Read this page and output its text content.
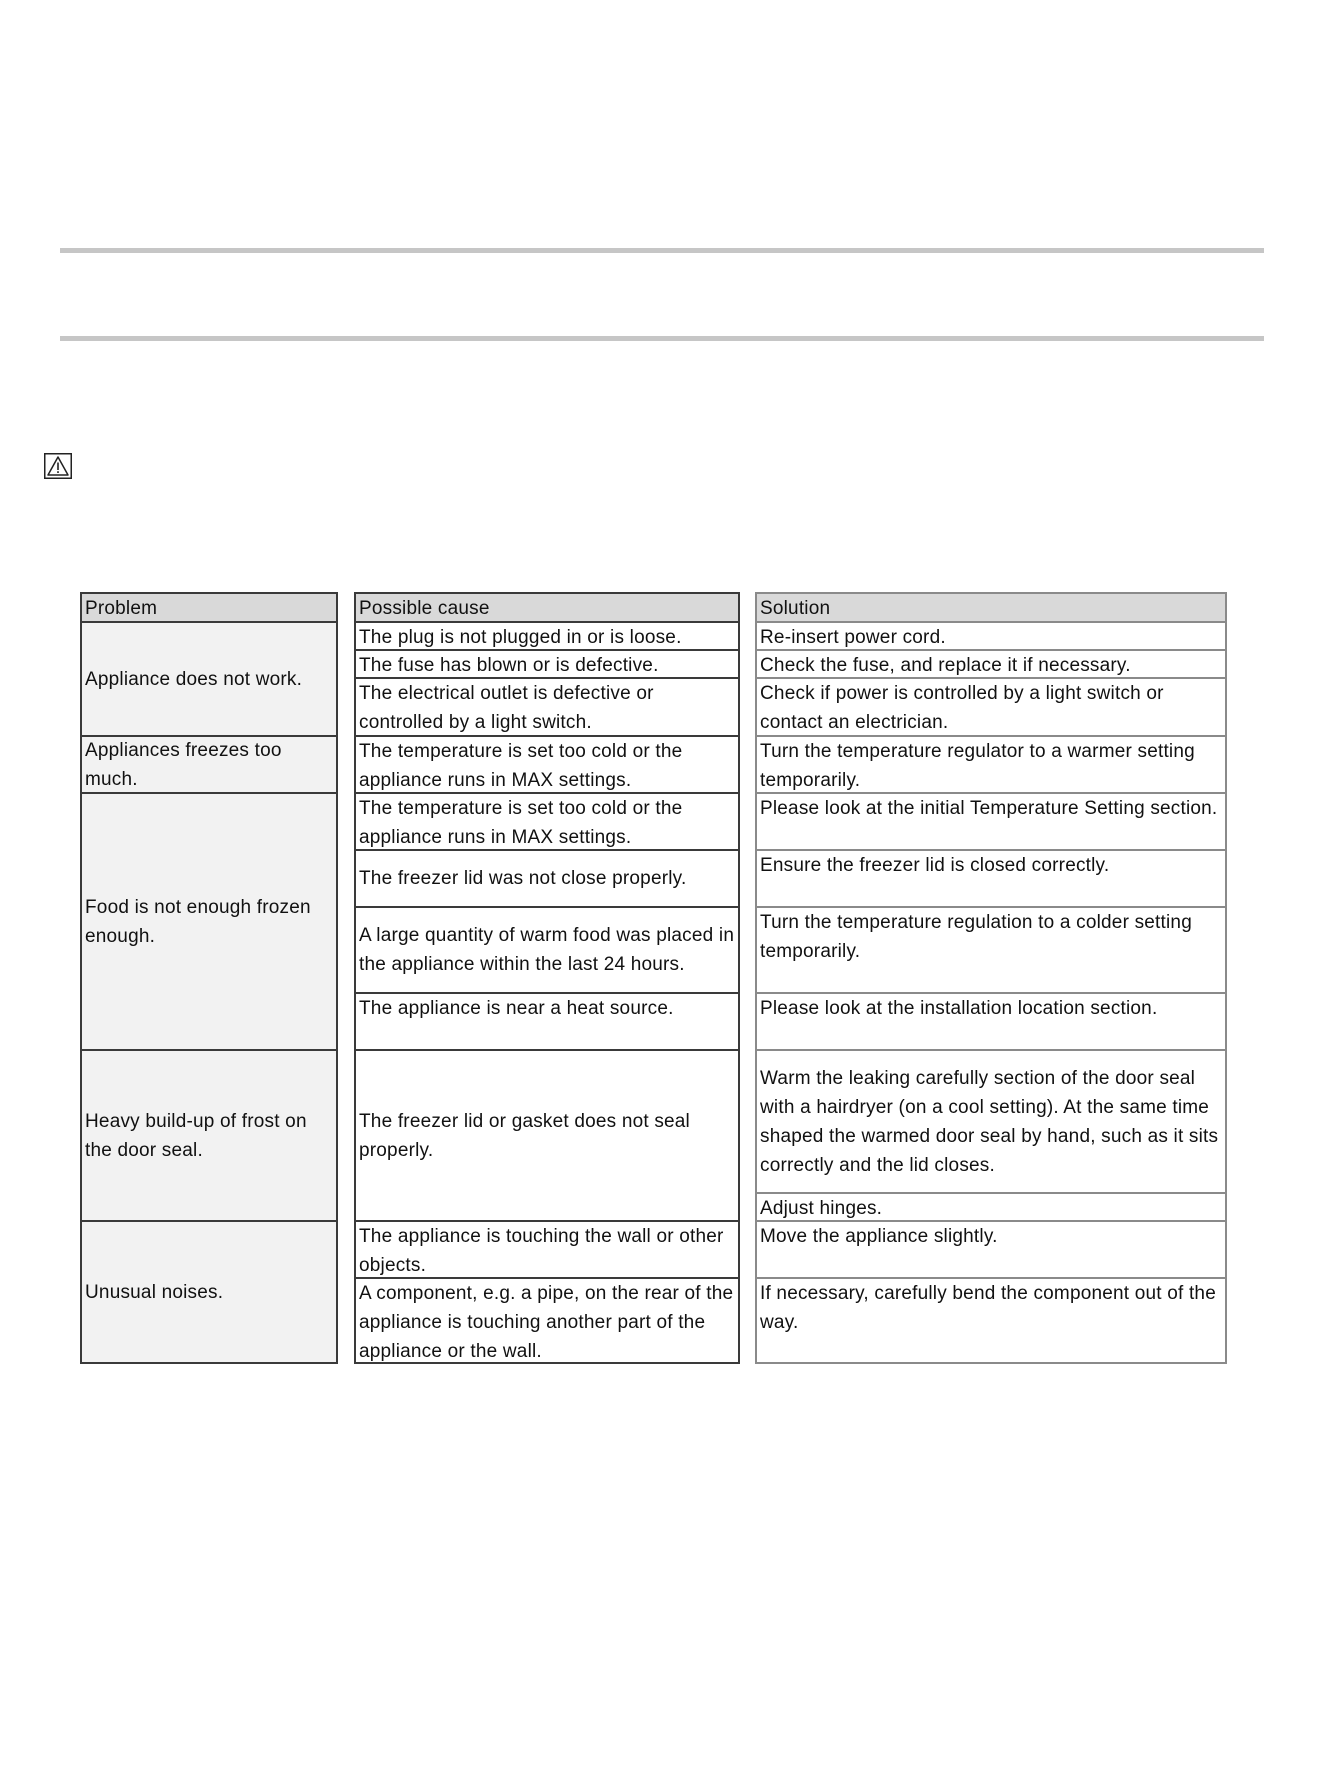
Problem
Appliance does not work.
Appliances freezes too much.
Food is not enough frozen enough.
Heavy build-up of frost on the door seal.
Unusual noises.
Possible cause
The plug is not plugged in or is loose.
The fuse has blown or is defective.
The electrical outlet is defective or controlled by a light switch.
The temperature is set too cold or the appliance runs in MAX settings.
The temperature is set too cold or the appliance runs in MAX settings.
The freezer lid was not close properly.
A large quantity of warm food was placed in the appliance within the last 24 hours.
The appliance is near a heat source.
The freezer lid or gasket does not seal properly.
The appliance is touching the wall or other objects.
A component, e.g. a pipe, on the rear of the appliance is touching another part of the appliance or the wall.
Solution
Re-insert power cord.
Check the fuse, and replace it if necessary.
Check if power is controlled by a light switch or contact an electrician.
Turn the temperature regulator to a warmer setting temporarily.
Please look at the initial Temperature Setting section.
Ensure the freezer lid is closed correctly.
Turn the temperature regulation to a colder setting temporarily.
Please look at the installation location section.
Warm the leaking carefully section of the door seal with a hairdryer (on a cool setting). At the same time shaped the warmed door seal by hand, such as it sits correctly and the lid closes.
Adjust hinges.
Move the appliance slightly.
If necessary, carefully bend the component out of the way.
